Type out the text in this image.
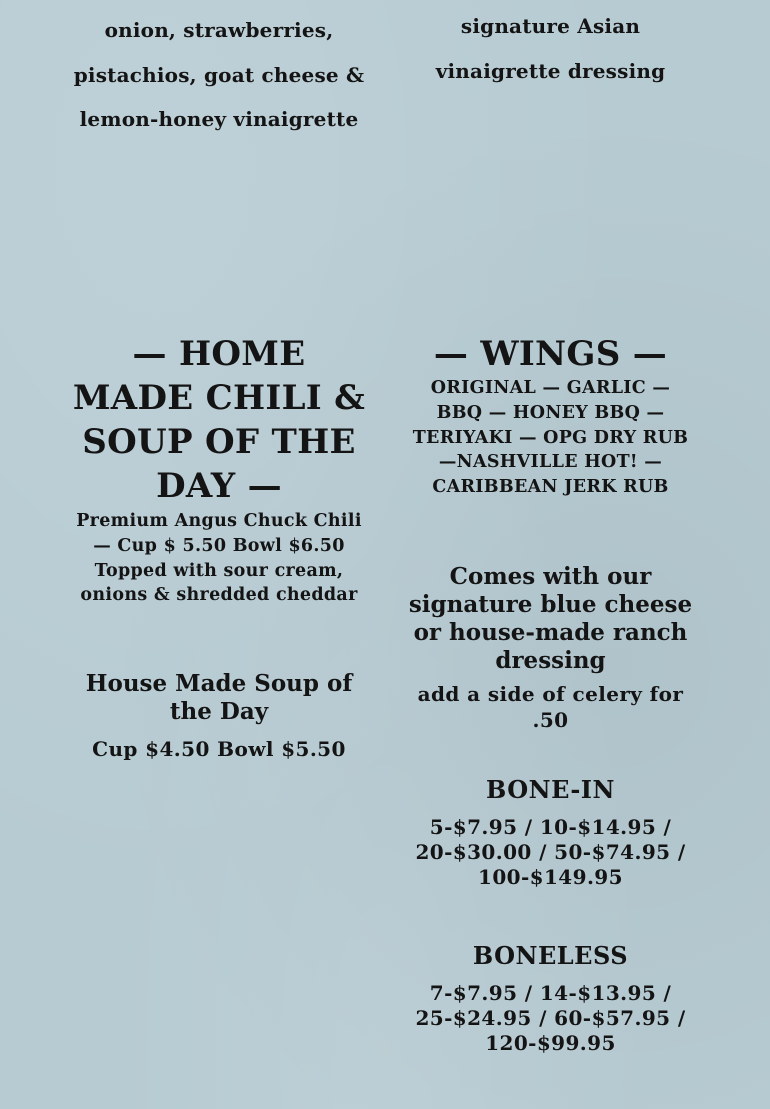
onion, strawberries,
pistachios, goat cheese &
lemon-honey vinaigrette
signature Asian
vinaigrette dressing
— HOME
MADE CHILI &
SOUP OF THE
DAY —
Premium Angus Chuck Chili
— Cup $ 5.50 Bowl $6.50
Topped with sour cream,
onions & shredded cheddar
House Made Soup of
the Day
Cup $4.50 Bowl $5.50
— WINGS —
ORIGINAL — GARLIC —
BBQ — HONEY BBQ —
TERIYAKI — OPG DRY RUB
—NASHVILLE HOT! —
CARIBBEAN JERK RUB
Comes with our
signature blue cheese
or house-made ranch
dressing
add a side of celery for
.50
BONE-IN
5-$7.95 / 10-$14.95 /
20-$30.00 / 50-$74.95 /
100-$149.95
BONELESS
7-$7.95 / 14-$13.95 /
25-$24.95 / 60-$57.95 /
120-$99.95
